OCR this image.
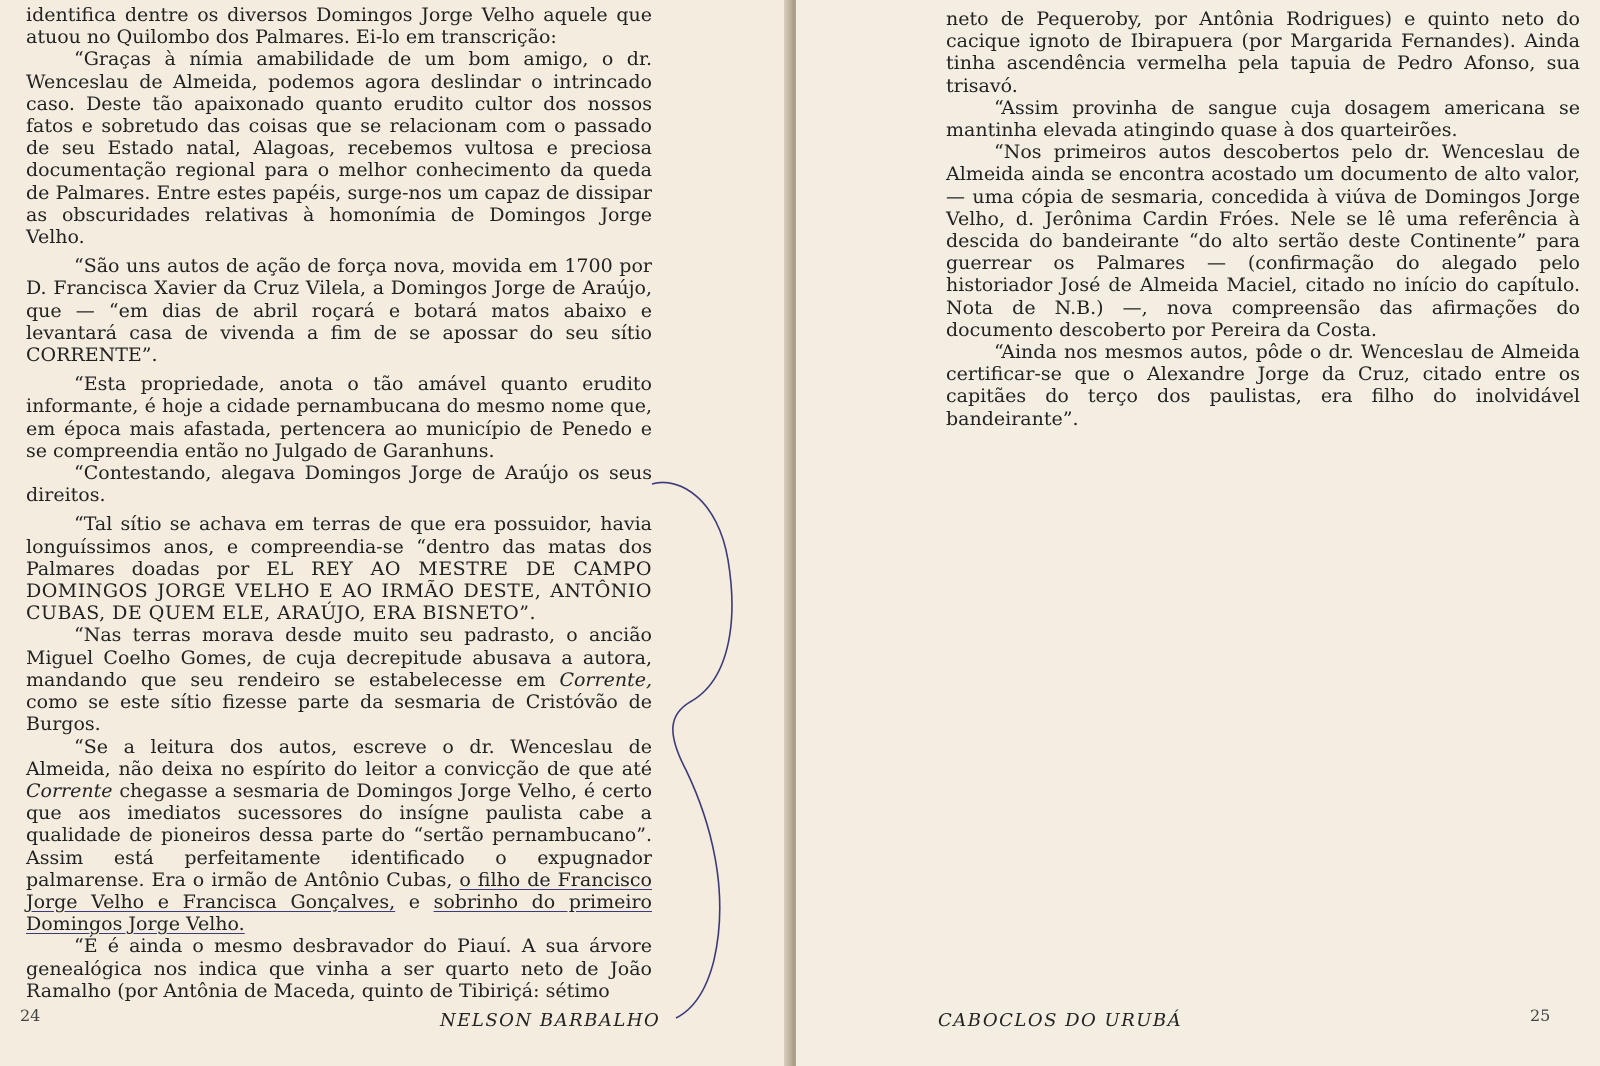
identifica dentre os diversos Domingos Jorge Velho aquele que atuou no Quilombo dos Palmares. Ei-lo em transcrição:

“Graças à nímia amabilidade de um bom amigo, o dr. Wenceslau de Almeida, podemos agora deslindar o intrincado caso. Deste tão apaixonado quanto erudito cultor dos nossos fatos e sobretudo das coisas que se relacionam com o passado de seu Estado natal, Alagoas, recebemos vultosa e preciosa documentação regional para o melhor conhecimento da queda de Palmares. Entre estes papéis, surge-nos um capaz de dissipar as obscuridades relativas à homonímia de Domingos Jorge Velho.

“São uns autos de ação de força nova, movida em 1700 por D. Francisca Xavier da Cruz Vilela, a Domingos Jorge de Araújo, que — “em dias de abril roçará e botará matos abaixo e levantará casa de vivenda a fim de se apossar do seu sítio CORRENTE”.

“Esta propriedade, anota o tão amável quanto erudito informante, é hoje a cidade pernambucana do mesmo nome que, em época mais afastada, pertencera ao município de Penedo e se compreendia então no Julgado de Garanhuns.

“Contestando, alegava Domingos Jorge de Araújo os seus direitos.

“Tal sítio se achava em terras de que era possuidor, havia longuíssimos anos, e compreendia-se “dentro das matas dos Palmares doadas por EL REY AO MESTRE DE CAMPO DOMINGOS JORGE VELHO E AO IRMÃO DESTE, ANTÔNIO CUBAS, DE QUEM ELE, ARAÚJO, ERA BISNETO”.

“Nas terras morava desde muito seu padrasto, o ancião Miguel Coelho Gomes, de cuja decrepitude abusava a autora, mandando que seu rendeiro se estabelecesse em Corrente, como se este sítio fizesse parte da sesmaria de Cristóvão de Burgos.

“Se a leitura dos autos, escreve o dr. Wenceslau de Almeida, não deixa no espírito do leitor a convicção de que até Corrente chegasse a sesmaria de Domingos Jorge Velho, é certo que aos imediatos sucessores do insígne paulista cabe a qualidade de pioneiros dessa parte do “sertão pernambucano”. Assim está perfeitamente identificado o expugnador palmarense. Era o irmão de Antônio Cubas, o filho de Francisco Jorge Velho e Francisca Gonçalves, e sobrinho do primeiro Domingos Jorge Velho.

“É é ainda o mesmo desbravador do Piauí. A sua árvore genealógica nos indica que vinha a ser quarto neto de João Ramalho (por Antônia de Maceda, quinto de Tibiriçá: sétimo

24	NELSON BARBALHO

neto de Pequeroby, por Antônia Rodrigues) e quinto neto do cacique ignoto de Ibirapuera (por Margarida Fernandes). Ainda tinha ascendência vermelha pela tapuia de Pedro Afonso, sua trisavó.

“Assim provinha de sangue cuja dosagem americana se mantinha elevada atingindo quase à dos quarteirões.

“Nos primeiros autos descobertos pelo dr. Wenceslau de Almeida ainda se encontra acostado um documento de alto valor, — uma cópia de sesmaria, concedida à viúva de Domingos Jorge Velho, d. Jerônima Cardin Fróes. Nele se lê uma referência à descida do bandeirante “do alto sertão deste Continente” para guerrear os Palmares — (confirmação do alegado pelo historiador José de Almeida Maciel, citado no início do capítulo. Nota de N.B.) —, nova compreensão das afirmações do documento descoberto por Pereira da Costa.

“Ainda nos mesmos autos, pôde o dr. Wenceslau de Almeida certificar-se que o Alexandre Jorge da Cruz, citado entre os capitães do terço dos paulistas, era filho do inolvidável bandeirante”.

CABOCLOS DO URUBÁ	25
